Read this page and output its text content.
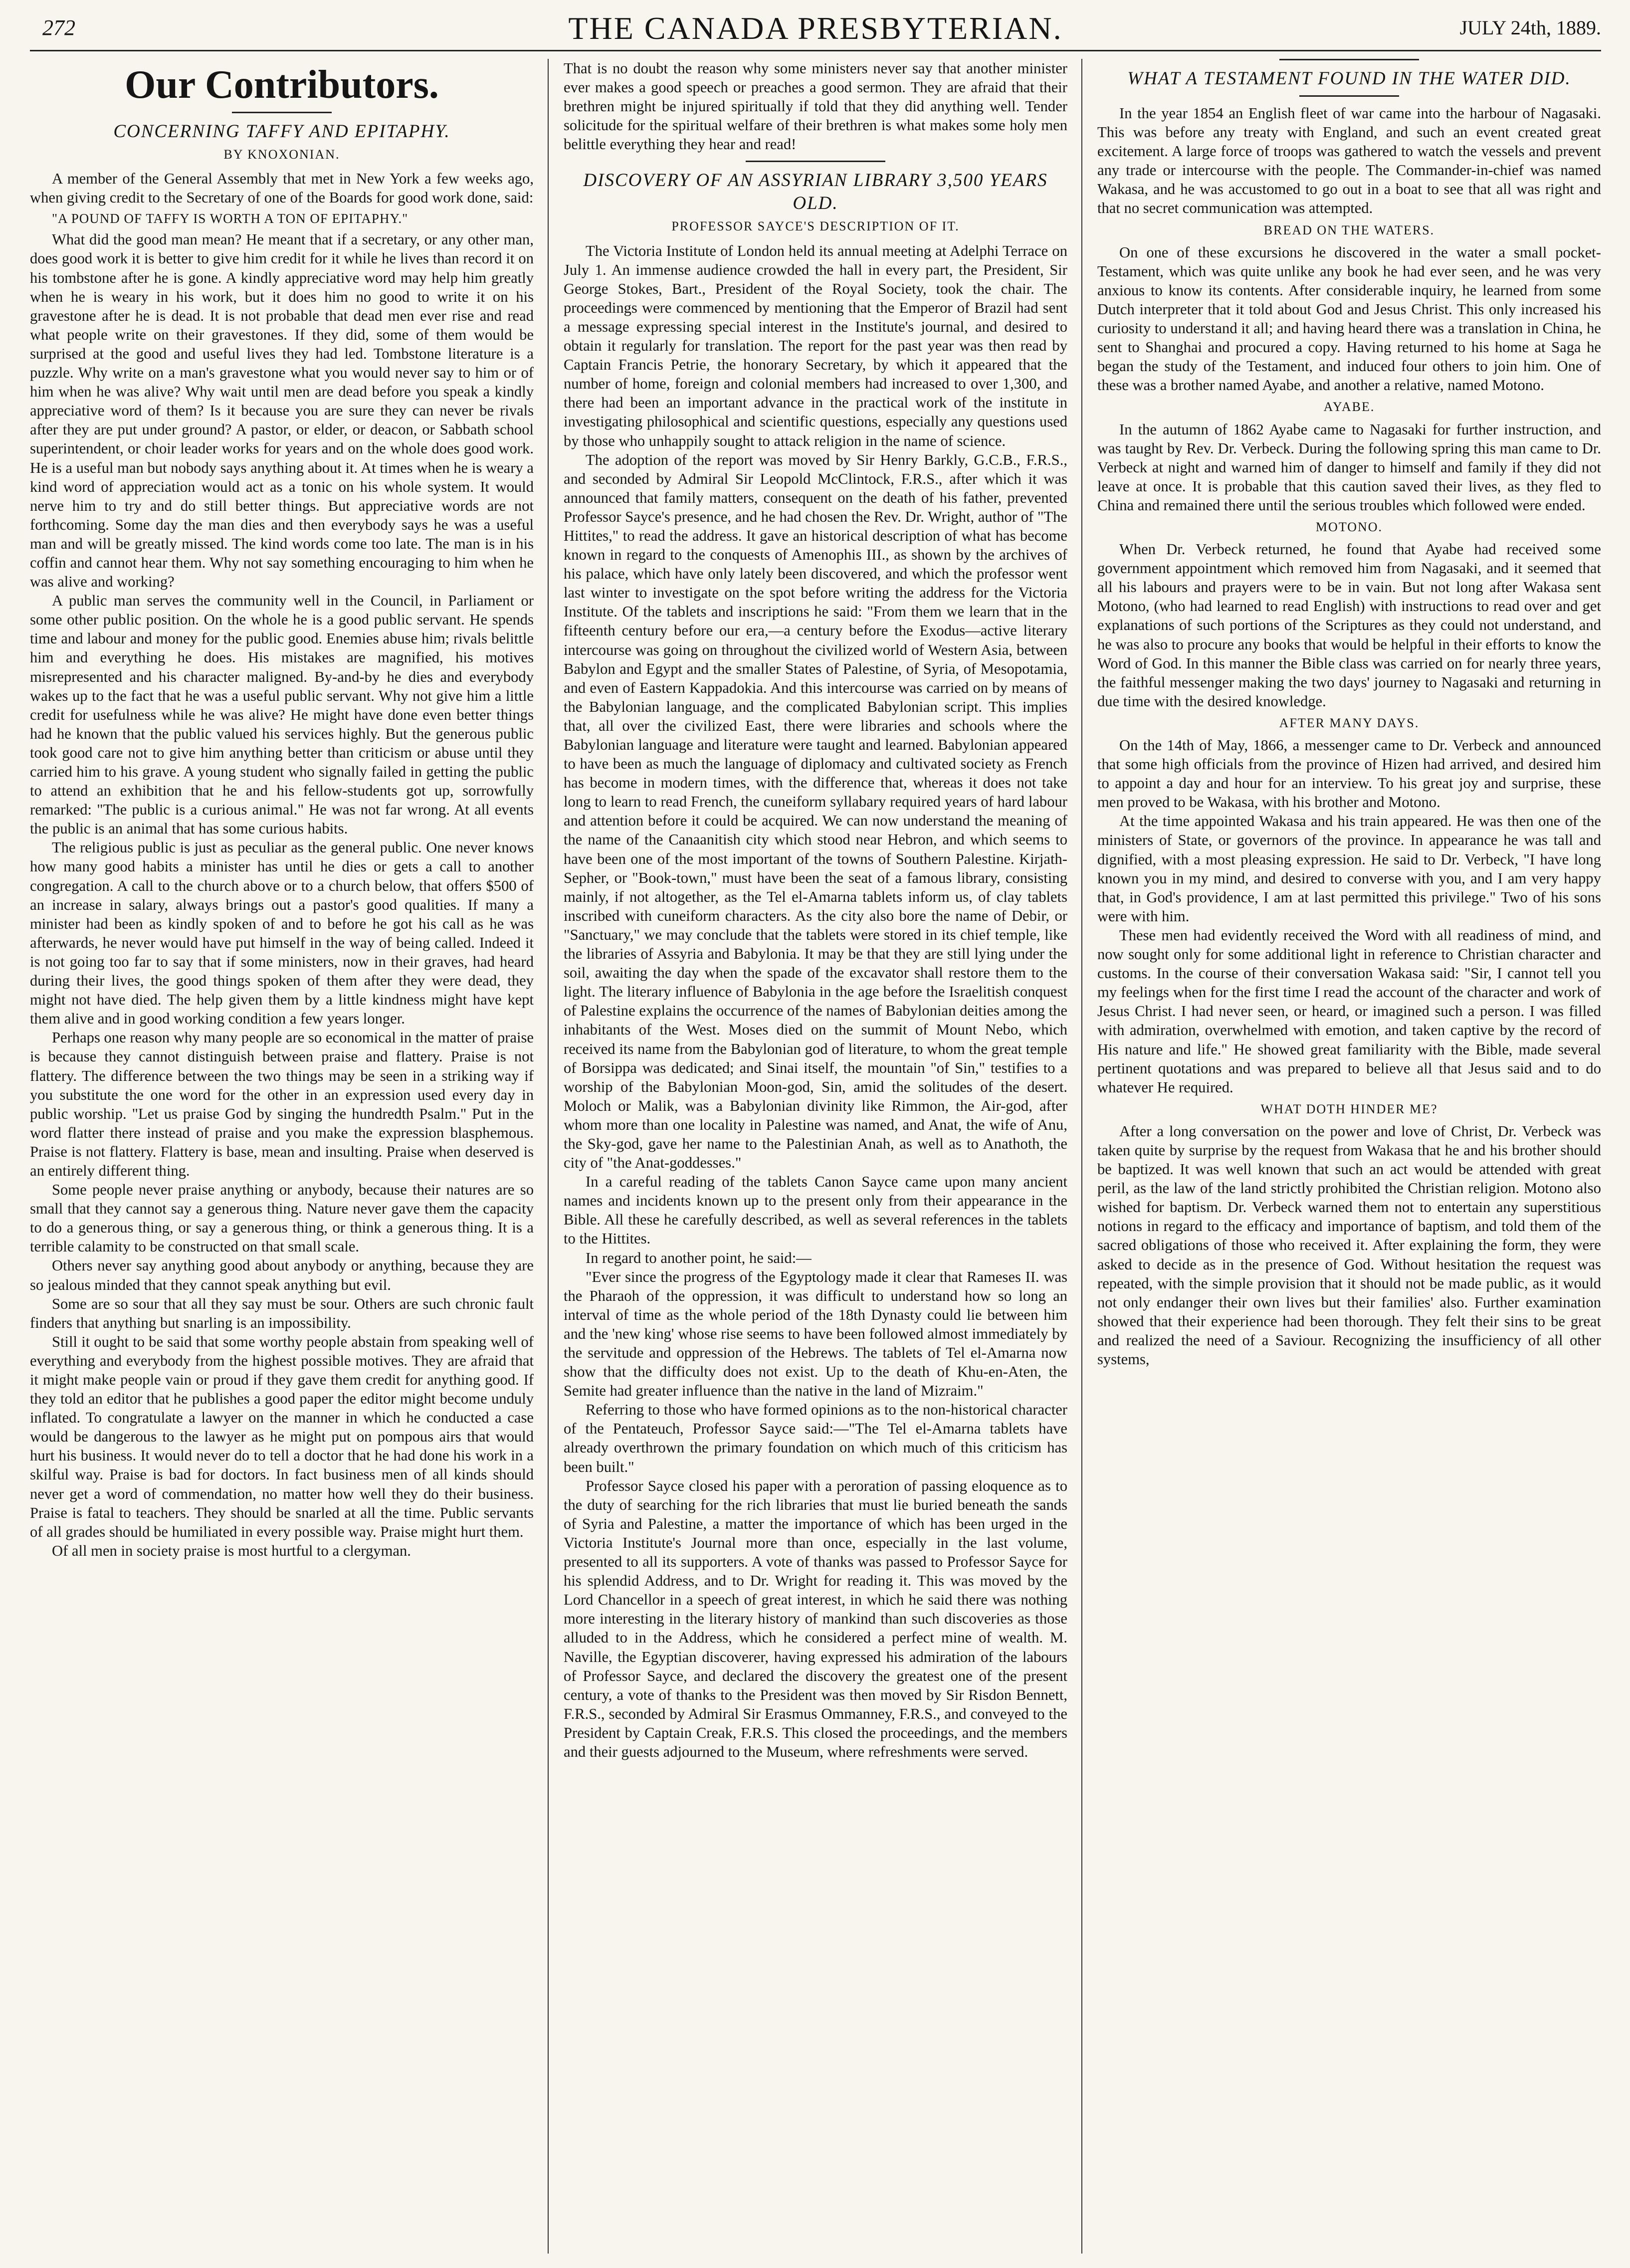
272	THE CANADA PRESBYTERIAN.	JULY 24th, 1889.
Our Contributors.
CONCERNING TAFFY AND EPITAPHY.
BY KNOXONIAN.

A member of the General Assembly that met in New York a few weeks ago, when giving credit to the Secretary of one of the Boards for good work done, said:

"A POUND OF TAFFY IS WORTH A TON OF EPITAPHY."

What did the good man mean? He meant that if a secretary, or any other man, does good work it is better to give him credit for it while he lives than record it on his tombstone after he is gone. A kindly appreciative word may help him greatly when he is weary in his work, but it does him no good to write it on his gravestone after he is dead. It is not probable that dead men ever rise and read what people write on their gravestones. If they did, some of them would be surprised at the good and useful lives they had led. Tombstone literature is a puzzle. Why write on a man's gravestone what you would never say to him or of him when he was alive? Why wait until men are dead before you speak a kindly appreciative word of them? Is it because you are sure they can never be rivals after they are put under ground? A pastor, or elder, or deacon, or Sabbath school superintendent, or choir leader works for years and on the whole does good work. He is a useful man but nobody says anything about it. At times when he is weary a kind word of appreciation would act as a tonic on his whole system. It would nerve him to try and do still better things. But appreciative words are not forthcoming. Some day the man dies and then everybody says he was a useful man and will be greatly missed. The kind words come too late. The man is in his coffin and cannot hear them. Why not say something encouraging to him when he was alive and working?

A public man serves the community well in the Council, in Parliament or some other public position. On the whole he is a good public servant. He spends time and labour and money for the public good. Enemies abuse him; rivals belittle him and everything he does. His mistakes are magnified, his motives misrepresented and his character maligned. By-and-by he dies and everybody wakes up to the fact that he was a useful public servant. Why not give him a little credit for usefulness while he was alive? He might have done even better things had he known that the public valued his services highly. But the generous public took good care not to give him anything better than criticism or abuse until they carried him to his grave. A young student who signally failed in getting the public to attend an exhibition that he and his fellow-students got up, sorrowfully remarked: "The public is a curious animal." He was not far wrong. At all events the public is an animal that has some curious habits.

The religious public is just as peculiar as the general public. One never knows how many good habits a minister has until he dies or gets a call to another congregation. A call to the church above or to a church below, that offers $500 of an increase in salary, always brings out a pastor's good qualities. If many a minister had been as kindly spoken of and to before he got his call as he was afterwards, he never would have put himself in the way of being called. Indeed it is not going too far to say that if some ministers, now in their graves, had heard during their lives, the good things spoken of them after they were dead, they might not have died. The help given them by a little kindness might have kept them alive and in good working condition a few years longer.

Perhaps one reason why many people are so economical in the matter of praise is because they cannot distinguish between praise and flattery. Praise is not flattery. The difference between the two things may be seen in a striking way if you substitute the one word for the other in an expression used every day in public worship. "Let us praise God by singing the hundredth Psalm." Put in the word flatter there instead of praise and you make the expression blasphemous. Praise is not flattery. Flattery is base, mean and insulting. Praise when deserved is an entirely different thing.

Some people never praise anything or anybody, because their natures are so small that they cannot say a generous thing. Nature never gave them the capacity to do a generous thing, or say a generous thing, or think a generous thing. It is a terrible calamity to be constructed on that small scale.

Others never say anything good about anybody or anything, because they are so jealous minded that they cannot speak anything but evil.

Some are so sour that all they say must be sour. Others are such chronic fault finders that anything but snarling is an impossibility.

Still it ought to be said that some worthy people abstain from speaking well of everything and everybody from the highest possible motives. They are afraid that it might make people vain or proud if they gave them credit for anything good. If they told an editor that he publishes a good paper the editor might become unduly inflated. To congratulate a lawyer on the manner in which he conducted a case would be dangerous to the lawyer as he might put on pompous airs that would hurt his business. It would never do to tell a doctor that he had done his work in a skilful way. Praise is bad for doctors. In fact business men of all kinds should never get a word of commendation, no matter how well they do their business. Praise is fatal to teachers. They should be snarled at all the time. Public servants of all grades should be humiliated in every possible way. Praise might hurt them.

Of all men in society praise is most hurtful to a clergyman.

That is no doubt the reason why some ministers never say that another minister ever makes a good speech or preaches a good sermon. They are afraid that their brethren might be injured spiritually if told that they did anything well. Tender solicitude for the spiritual welfare of their brethren is what makes some holy men belittle everything they hear and read!

DISCOVERY OF AN ASSYRIAN LIBRARY 3,500 YEARS OLD.
PROFESSOR SAYCE'S DESCRIPTION OF IT.

The Victoria Institute of London held its annual meeting at Adelphi Terrace on July 1. An immense audience crowded the hall in every part, the President, Sir George Stokes, Bart., President of the Royal Society, took the chair. The proceedings were commenced by mentioning that the Emperor of Brazil had sent a message expressing special interest in the Institute's journal, and desired to obtain it regularly for translation. The report for the past year was then read by Captain Francis Petrie, the honorary Secretary, by which it appeared that the number of home, foreign and colonial members had increased to over 1,300, and there had been an important advance in the practical work of the institute in investigating philosophical and scientific questions, especially any questions used by those who unhappily sought to attack religion in the name of science.

The adoption of the report was moved by Sir Henry Barkly, G.C.B., F.R.S., and seconded by Admiral Sir Leopold McClintock, F.R.S., after which it was announced that family matters, consequent on the death of his father, prevented Professor Sayce's presence, and he had chosen the Rev. Dr. Wright, author of "The Hittites," to read the address. It gave an historical description of what has become known in regard to the conquests of Amenophis III., as shown by the archives of his palace, which have only lately been discovered, and which the professor went last winter to investigate on the spot before writing the address for the Victoria Institute. Of the tablets and inscriptions he said: "From them we learn that in the fifteenth century before our era,—a century before the Exodus—active literary intercourse was going on throughout the civilized world of Western Asia, between Babylon and Egypt and the smaller States of Palestine, of Syria, of Mesopotamia, and even of Eastern Kappadokia. And this intercourse was carried on by means of the Babylonian language, and the complicated Babylonian script. This implies that, all over the civilized East, there were libraries and schools where the Babylonian language and literature were taught and learned. Babylonian appeared to have been as much the language of diplomacy and cultivated society as French has become in modern times, with the difference that, whereas it does not take long to learn to read French, the cuneiform syllabary required years of hard labour and attention before it could be acquired. We can now understand the meaning of the name of the Canaanitish city which stood near Hebron, and which seems to have been one of the most important of the towns of Southern Palestine. Kirjath-Sepher, or "Book-town," must have been the seat of a famous library, consisting mainly, if not altogether, as the Tel el-Amarna tablets inform us, of clay tablets inscribed with cuneiform characters. As the city also bore the name of Debir, or "Sanctuary," we may conclude that the tablets were stored in its chief temple, like the libraries of Assyria and Babylonia. It may be that they are still lying under the soil, awaiting the day when the spade of the excavator shall restore them to the light. The literary influence of Babylonia in the age before the Israelitish conquest of Palestine explains the occurrence of the names of Babylonian deities among the inhabitants of the West. Moses died on the summit of Mount Nebo, which received its name from the Babylonian god of literature, to whom the great temple of Borsippa was dedicated; and Sinai itself, the mountain "of Sin," testifies to a worship of the Babylonian Moon-god, Sin, amid the solitudes of the desert. Moloch or Malik, was a Babylonian divinity like Rimmon, the Air-god, after whom more than one locality in Palestine was named, and Anat, the wife of Anu, the Sky-god, gave her name to the Palestinian Anah, as well as to Anathoth, the city of "the Anat-goddesses."

In a careful reading of the tablets Canon Sayce came upon many ancient names and incidents known up to the present only from their appearance in the Bible. All these he carefully described, as well as several references in the tablets to the Hittites.

In regard to another point, he said:—

"Ever since the progress of the Egyptology made it clear that Rameses II. was the Pharaoh of the oppression, it was difficult to understand how so long an interval of time as the whole period of the 18th Dynasty could lie between him and the 'new king' whose rise seems to have been followed almost immediately by the servitude and oppression of the Hebrews. The tablets of Tel el-Amarna now show that the difficulty does not exist. Up to the death of Khu-en-Aten, the Semite had greater influence than the native in the land of Mizraim."

Referring to those who have formed opinions as to the non-historical character of the Pentateuch, Professor Sayce said:—"The Tel el-Amarna tablets have already overthrown the primary foundation on which much of this criticism has been built."

Professor Sayce closed his paper with a peroration of passing eloquence as to the duty of searching for the rich libraries that must lie buried beneath the sands of Syria and Palestine, a matter the importance of which has been urged in the Victoria Institute's Journal more than once, especially in the last volume, presented to all its supporters. A vote of thanks was passed to Professor Sayce for his splendid Address, and to Dr. Wright for reading it. This was moved by the Lord Chancellor in a speech of great interest, in which he said there was nothing more interesting in the literary history of mankind than such discoveries as those alluded to in the Address, which he considered a perfect mine of wealth. M. Naville, the Egyptian discoverer, having expressed his admiration of the labours of Professor Sayce, and declared the discovery the greatest one of the present century, a vote of thanks to the President was then moved by Sir Risdon Bennett, F.R.S., seconded by Admiral Sir Erasmus Ommanney, F.R.S., and conveyed to the President by Captain Creak, F.R.S. This closed the proceedings, and the members and their guests adjourned to the Museum, where refreshments were served.

WHAT A TESTAMENT FOUND IN THE WATER DID.

In the year 1854 an English fleet of war came into the harbour of Nagasaki. This was before any treaty with England, and such an event created great excitement. A large force of troops was gathered to watch the vessels and prevent any trade or intercourse with the people. The Commander-in-chief was named Wakasa, and he was accustomed to go out in a boat to see that all was right and that no secret communication was attempted.

BREAD ON THE WATERS.

On one of these excursions he discovered in the water a small pocket-Testament, which was quite unlike any book he had ever seen, and he was very anxious to know its contents. After considerable inquiry, he learned from some Dutch interpreter that it told about God and Jesus Christ. This only increased his curiosity to understand it all; and having heard there was a translation in China, he sent to Shanghai and procured a copy. Having returned to his home at Saga he began the study of the Testament, and induced four others to join him. One of these was a brother named Ayabe, and another a relative, named Motono.

AYABE.

In the autumn of 1862 Ayabe came to Nagasaki for further instruction, and was taught by Rev. Dr. Verbeck. During the following spring this man came to Dr. Verbeck at night and warned him of danger to himself and family if they did not leave at once. It is probable that this caution saved their lives, as they fled to China and remained there until the serious troubles which followed were ended.

MOTONO.

When Dr. Verbeck returned, he found that Ayabe had received some government appointment which removed him from Nagasaki, and it seemed that all his labours and prayers were to be in vain. But not long after Wakasa sent Motono, (who had learned to read English) with instructions to read over and get explanations of such portions of the Scriptures as they could not understand, and he was also to procure any books that would be helpful in their efforts to know the Word of God. In this manner the Bible class was carried on for nearly three years, the faithful messenger making the two days' journey to Nagasaki and returning in due time with the desired knowledge.

AFTER MANY DAYS.

On the 14th of May, 1866, a messenger came to Dr. Verbeck and announced that some high officials from the province of Hizen had arrived, and desired him to appoint a day and hour for an interview. To his great joy and surprise, these men proved to be Wakasa, with his brother and Motono.

At the time appointed Wakasa and his train appeared. He was then one of the ministers of State, or governors of the province. In appearance he was tall and dignified, with a most pleasing expression. He said to Dr. Verbeck, "I have long known you in my mind, and desired to converse with you, and I am very happy that, in God's providence, I am at last permitted this privilege." Two of his sons were with him.

These men had evidently received the Word with all readiness of mind, and now sought only for some additional light in reference to Christian character and customs. In the course of their conversation Wakasa said: "Sir, I cannot tell you my feelings when for the first time I read the account of the character and work of Jesus Christ. I had never seen, or heard, or imagined such a person. I was filled with admiration, overwhelmed with emotion, and taken captive by the record of His nature and life." He showed great familiarity with the Bible, made several pertinent quotations and was prepared to believe all that Jesus said and to do whatever He required.

WHAT DOTH HINDER ME?

After a long conversation on the power and love of Christ, Dr. Verbeck was taken quite by surprise by the request from Wakasa that he and his brother should be baptized. It was well known that such an act would be attended with great peril, as the law of the land strictly prohibited the Christian religion. Motono also wished for baptism. Dr. Verbeck warned them not to entertain any superstitious notions in regard to the efficacy and importance of baptism, and told them of the sacred obligations of those who received it. After explaining the form, they were asked to decide as in the presence of God. Without hesitation the request was repeated, with the simple provision that it should not be made public, as it would not only endanger their own lives but their families' also. Further examination showed that their experience had been thorough. They felt their sins to be great and realized the need of a Saviour. Recognizing the insufficiency of all other systems,
